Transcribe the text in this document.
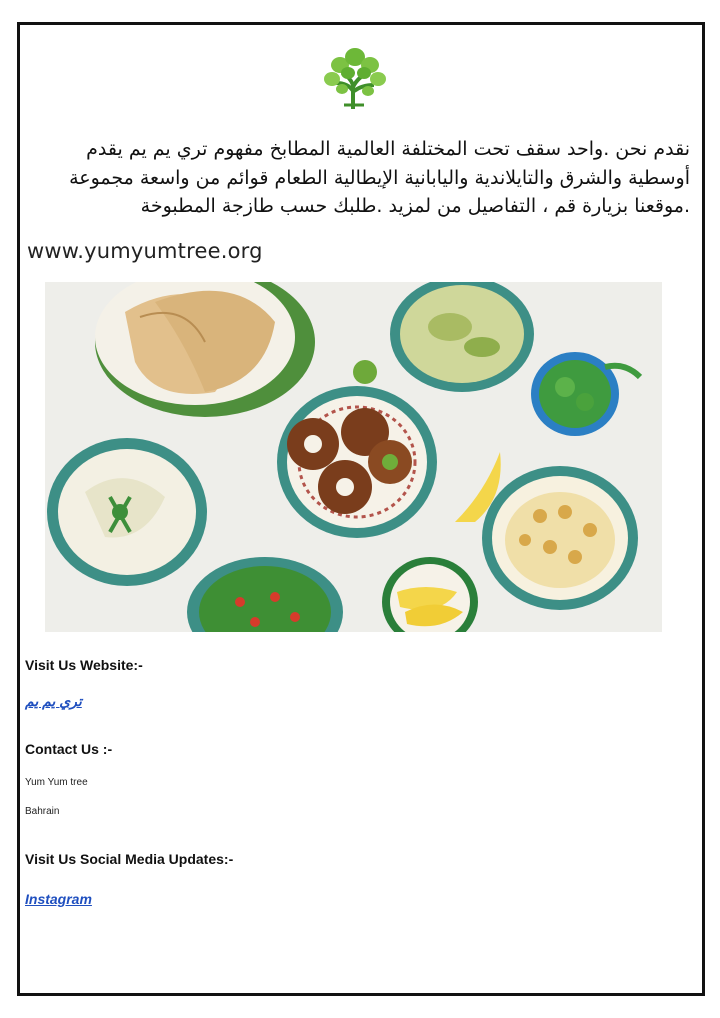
نقدم نحن .واحد سقف تحت المختلفة العالمية المطابخ مفهوم تري يم يم يقدم

أوسطية والشرق والتايلاندية واليابانية الإيطالية الطعام قوائم من واسعة مجموعة

.موقعنا بزيارة قم ، التفاصيل من لمزيد .طلبك حسب طازجة المطبوخة

www.yumyumtree.org
Visit Us Website:-
تري يم يم
Contact Us :-
Yum Yum tree
Bahrain
Visit Us Social Media Updates:-
Instagram
